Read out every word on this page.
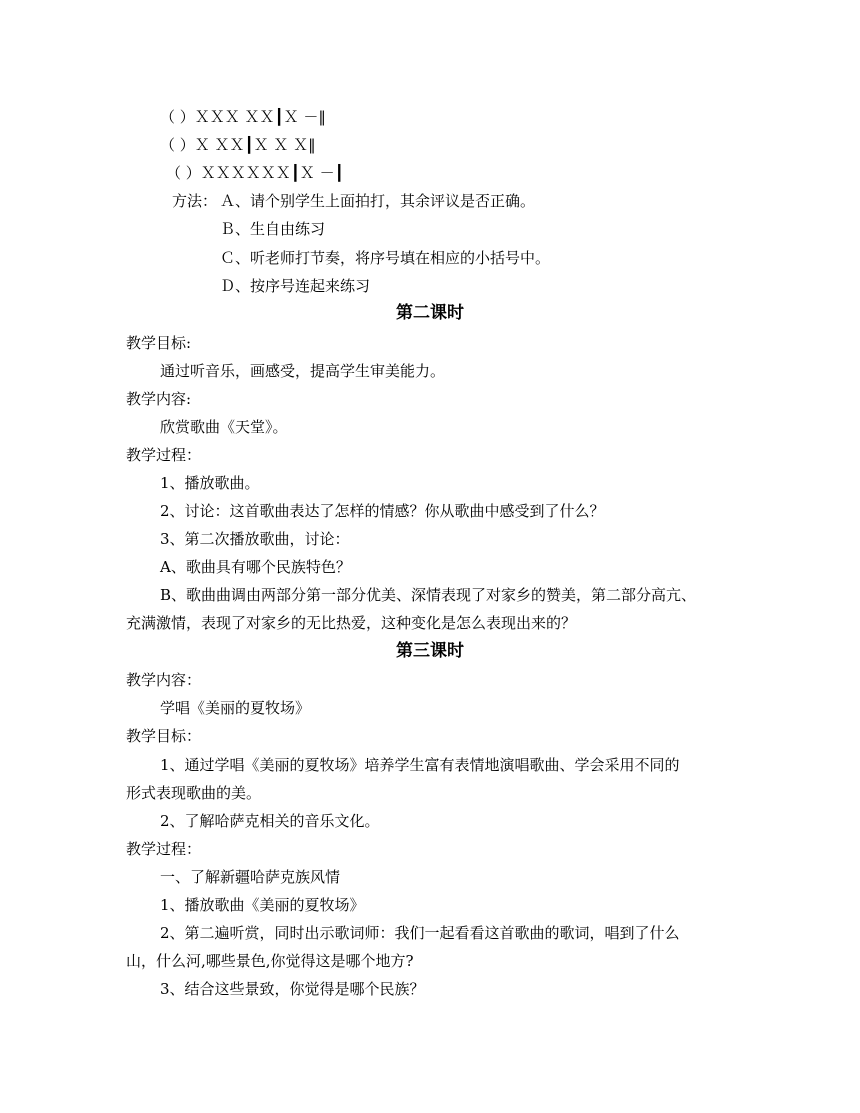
（ ）ＸＸＸ ＸＸ┃Ｘ －‖
（ ）Ｘ ＸＸ┃Ｘ Ｘ Ｘ‖
（ ）ＸＸＸＸＸＸ┃Ｘ －┃
方法： Ａ、请个别学生上面拍打，其余评议是否正确。
Ｂ、生自由练习
Ｃ、听老师打节奏，将序号填在相应的小括号中。
Ｄ、按序号连起来练习
第二课时
教学目标:
通过听音乐，画感受，提高学生审美能力。
教学内容:
欣赏歌曲《天堂》。
教学过程：
1、播放歌曲。
2、讨论：这首歌曲表达了怎样的情感？你从歌曲中感受到了什么？
3、第二次播放歌曲，讨论：
A、歌曲具有哪个民族特色？
B、歌曲曲调由两部分第一部分优美、深情表现了对家乡的赞美，第二部分高亢、
充满激情，表现了对家乡的无比热爱，这种变化是怎么表现出来的？
第三课时
教学内容：
学唱《美丽的夏牧场》
教学目标：
1、通过学唱《美丽的夏牧场》培养学生富有表情地演唱歌曲、学会采用不同的
形式表现歌曲的美。
2、了解哈萨克相关的音乐文化。
教学过程：
一、了解新疆哈萨克族风情
1、播放歌曲《美丽的夏牧场》
2、第二遍听赏，同时出示歌词师：我们一起看看这首歌曲的歌词，唱到了什么
山，什么河,哪些景色,你觉得这是哪个地方?
3、结合这些景致，你觉得是哪个民族？
